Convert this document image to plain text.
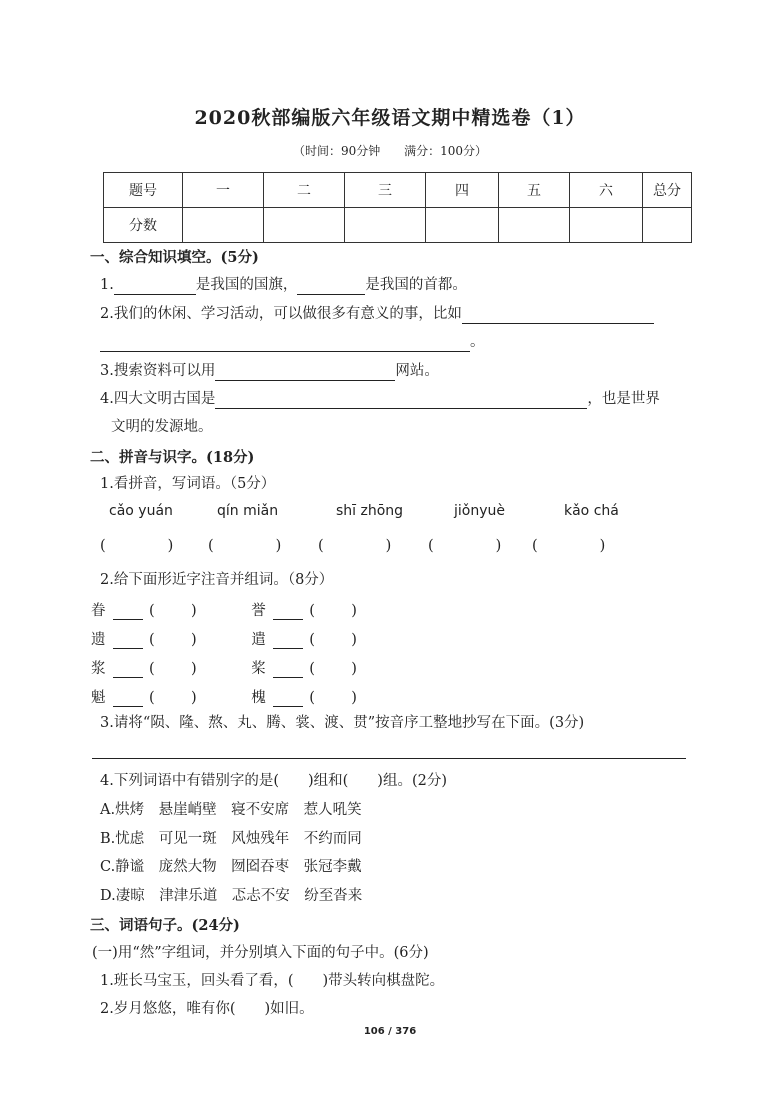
2020秋部编版六年级语文期中精选卷（1）
（时间：90分钟 满分：100分）
题号	一	二	三	四	五	六	总分
分数							
一、综合知识填空。(5分)
1.	是我国的国旗，	是我国的首都。
2.我们的休闲、学习活动，可以做很多有意义的事，比如
。
3.搜索资料可以用	网站。
4.四大文明古国是	，也是世界
文明的发源地。
二、拼音与识字。(18分)
1.看拼音，写词语。（5分）
cǎo yuán	qín miǎn	shī zhōng	jiǒnyuè	kǎo chá
(	) (	)	(	)	(	) (	)
2.给下面形近字注音并组词。（8分）
眷	(	)	誉	(	)
遗	(	)	遣	(	)
浆	(	)	桨	(	)
魁	(	)	槐	(	)
3.请将“陨、隆、熬、丸、腾、裳、渡、贯”按音序工整地抄写在下面。(3分)
4.下列词语中有错别字的是(　　)组和(　　)组。(2分)
A.烘烤　悬崖峭壁　寝不安席　惹人吼笑
B.忧虑　可见一斑　风烛残年　不约而同
C.静谧　庞然大物　囫囵吞枣　张冠李戴
D.凄晾　津津乐道　忑忐不安　纷至沓来
三、词语句子。(24分)
(一)用“然”字组词，并分别填入下面的句子中。(6分)
1.班长马宝玉，回头看了看，(　　)带头转向棋盘陀。
2.岁月悠悠，唯有你(　　)如旧。
106 / 376
